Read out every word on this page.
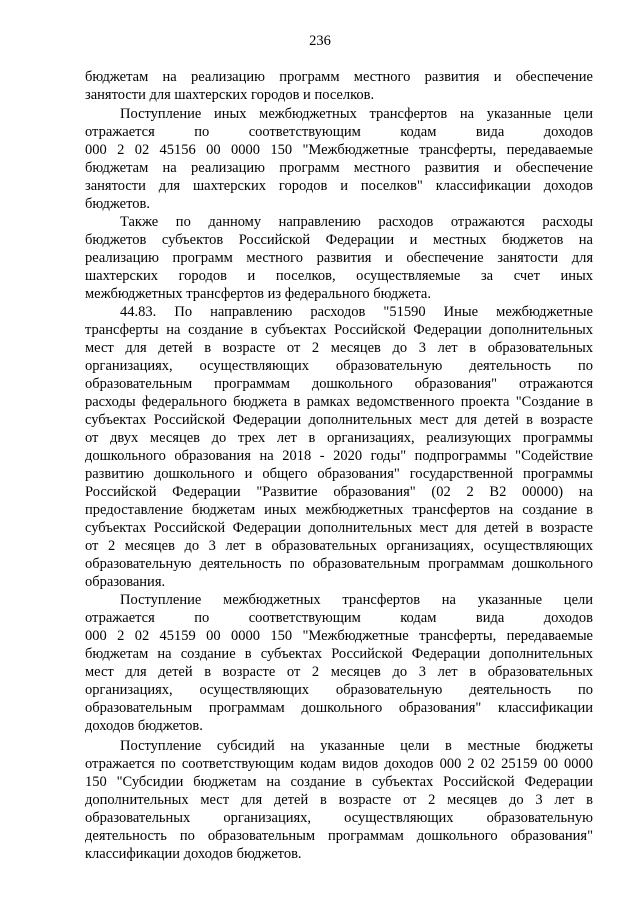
236
бюджетам на реализацию программ местного развития и обеспечение
занятости для шахтерских городов и поселков.
Поступление иных межбюджетных трансфертов на указанные цели
отражается по соответствующим кодам вида доходов
000 2 02 45156 00 0000 150 "Межбюджетные трансферты, передаваемые
бюджетам на реализацию программ местного развития и обеспечение
занятости для шахтерских городов и поселков" классификации доходов
бюджетов.
Также по данному направлению расходов отражаются расходы
бюджетов субъектов Российской Федерации и местных бюджетов на
реализацию программ местного развития и обеспечение занятости для
шахтерских городов и поселков, осуществляемые за счет иных
межбюджетных трансфертов из федерального бюджета.
44.83. По направлению расходов "51590 Иные межбюджетные
трансферты на создание в субъектах Российской Федерации дополнительных
мест для детей в возрасте от 2 месяцев до 3 лет в образовательных
организациях, осуществляющих образовательную деятельность по
образовательным программам дошкольного образования" отражаются
расходы федерального бюджета в рамках ведомственного проекта "Создание в
субъектах Российской Федерации дополнительных мест для детей в возрасте
от двух месяцев до трех лет в организациях, реализующих программы
дошкольного образования на 2018 - 2020 годы" подпрограммы "Содействие
развитию дошкольного и общего образования" государственной программы
Российской Федерации "Развитие образования" (02 2 В2 00000) на
предоставление бюджетам иных межбюджетных трансфертов на создание в
субъектах Российской Федерации дополнительных мест для детей в возрасте
от 2 месяцев до 3 лет в образовательных организациях, осуществляющих
образовательную деятельность по образовательным программам дошкольного
образования.
Поступление межбюджетных трансфертов на указанные цели
отражается по соответствующим кодам вида доходов
000 2 02 45159 00 0000 150 "Межбюджетные трансферты, передаваемые
бюджетам на создание в субъектах Российской Федерации дополнительных
мест для детей в возрасте от 2 месяцев до 3 лет в образовательных
организациях, осуществляющих образовательную деятельность по
образовательным программам дошкольного образования" классификации
доходов бюджетов.
Поступление субсидий на указанные цели в местные бюджеты
отражается по соответствующим кодам видов доходов 000 2 02 25159 00 0000
150 "Субсидии бюджетам на создание в субъектах Российской Федерации
дополнительных мест для детей в возрасте от 2 месяцев до 3 лет в
образовательных организациях, осуществляющих образовательную
деятельность по образовательным программам дошкольного образования"
классификации доходов бюджетов.
